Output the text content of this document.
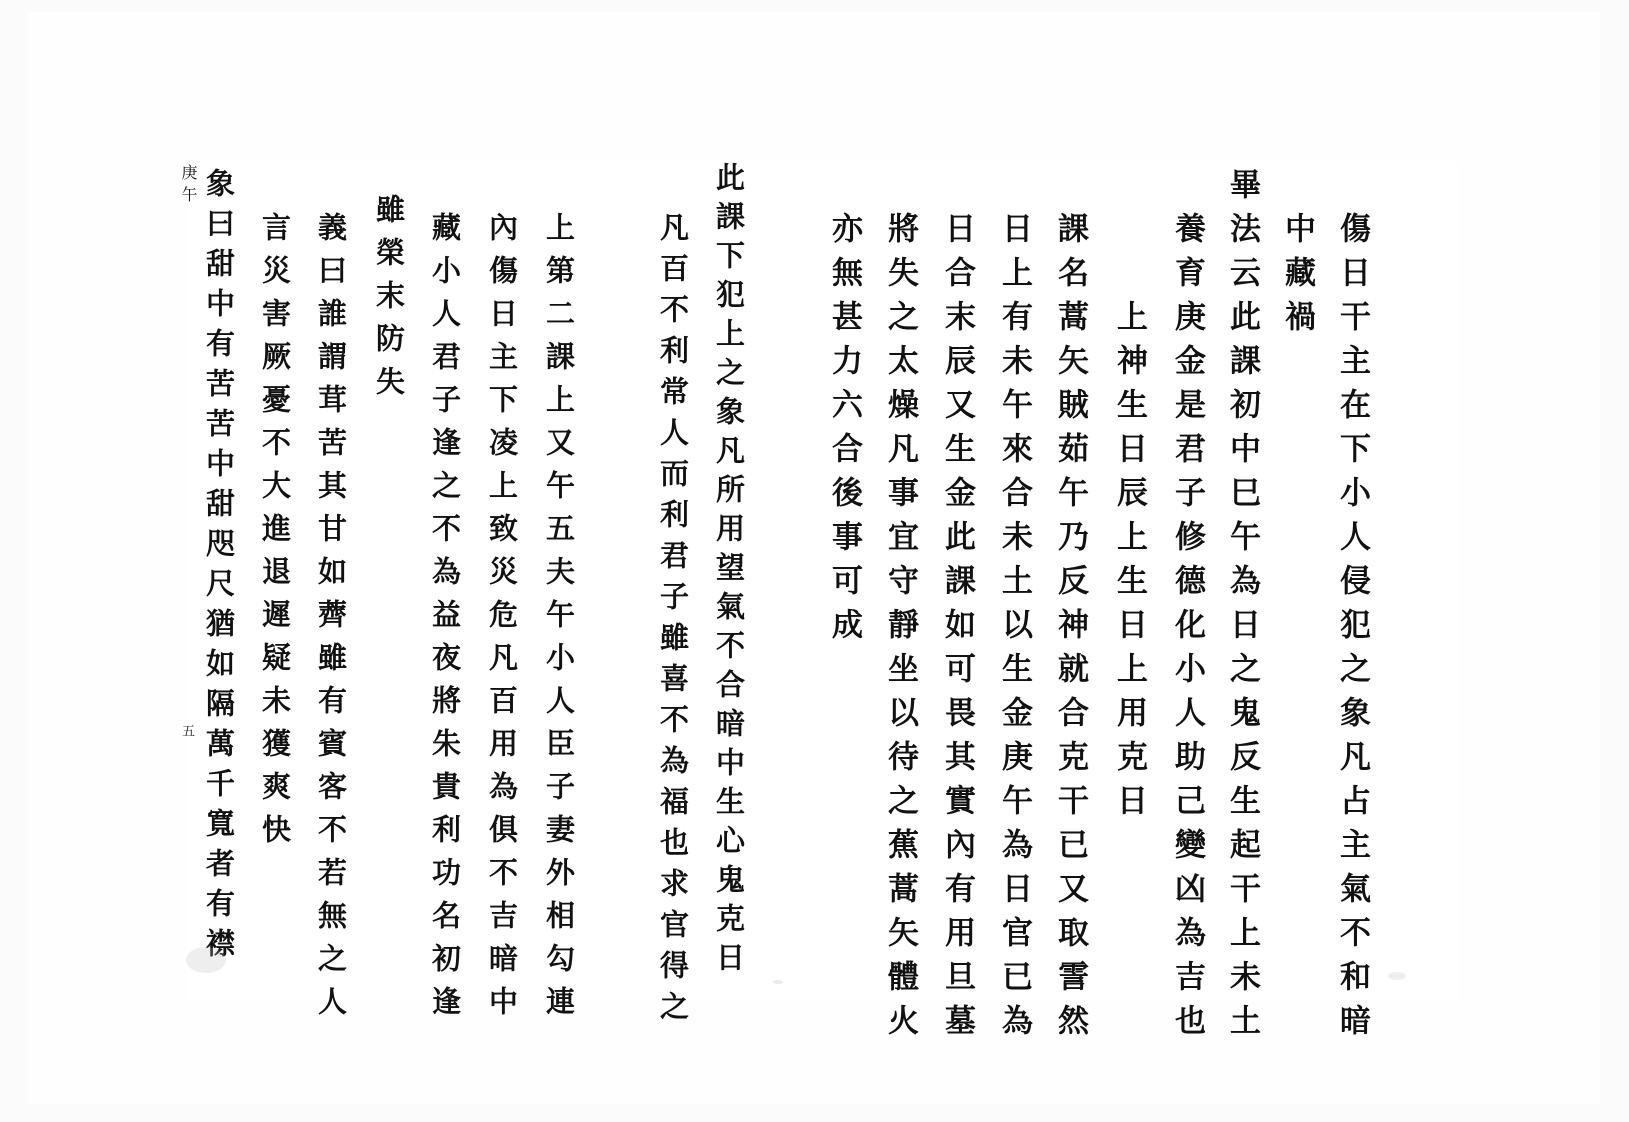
傷日干主在下小人侵犯之象凡占主氣不和暗
中藏禍
畢法云此課初中巳午為日之鬼反生起干上未土
養育庚金是君子修德化小人助己變凶為吉也
上神生日辰上生日上用克日
課名蒿矢賊茹午乃反神就合克干已又取霅然
日上有未午來合未土以生金庚午為日官已為
日合末辰又生金此課如可畏其實內有用旦墓
將失之太燥凡事宜守靜坐以待之蕉蒿矢體火
亦無甚力六合後事可成
此課下犯上之象凡所用望氣不合暗中生心鬼克日
凡百不利常人而利君子雖喜不為福也求官得之
上第二課上又午五夫午小人臣子妻外相勾連
內傷日主下凌上致災危凡百用為俱不吉暗中
藏小人君子逢之不為益夜將朱貴利功名初逢
雖榮末防失
義曰誰謂茸苦其甘如薺雖有賓客不若無之人
言災害厥憂不大進退遲疑未獲爽快
象曰甜中有苦苦中甜咫尺猶如隔萬千寬者有襟
庚午
五
